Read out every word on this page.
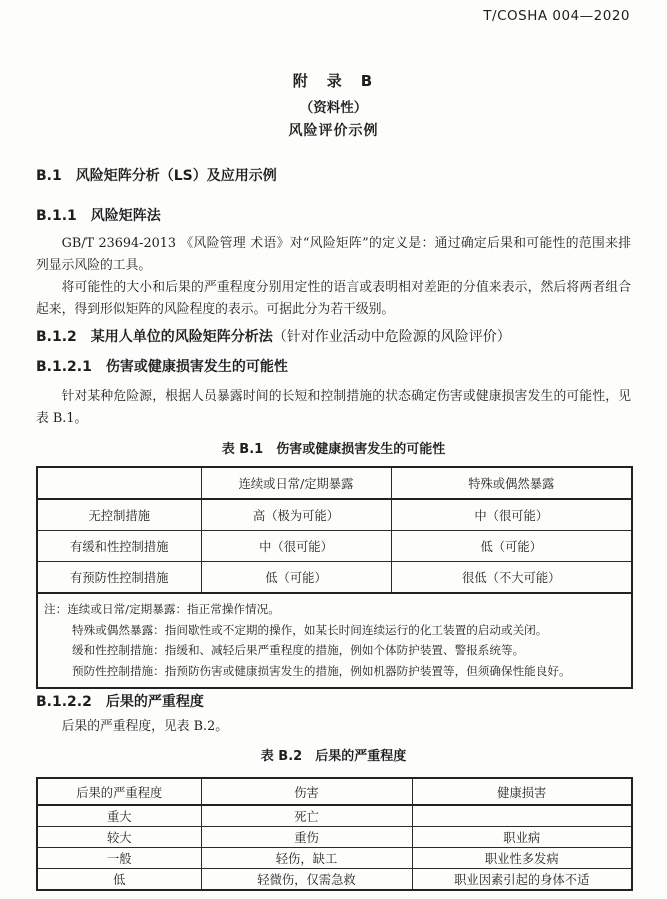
T/COSHA 004—2020
附　录　B
（资料性）
风险评价示例
B.1 风险矩阵分析（LS）及应用示例
B.1.1 风险矩阵法
GB/T 23694-2013 《风险管理 术语》对“风险矩阵”的定义是：通过确定后果和可能性的范围来排列显示风险的工具。
将可能性的大小和后果的严重程度分别用定性的语言或表明相对差距的分值来表示，然后将两者组合起来，得到形似矩阵的风险程度的表示。可据此分为若干级别。
B.1.2 某用人单位的风险矩阵分析法（针对作业活动中危险源的风险评价）
B.1.2.1 伤害或健康损害发生的可能性
针对某种危险源，根据人员暴露时间的长短和控制措施的状态确定伤害或健康损害发生的可能性，见表 B.1。
表 B.1　伤害或健康损害发生的可能性
	连续或日常/定期暴露	特殊或偶然暴露
无控制措施	高（极为可能）	中（很可能）
有缓和性控制措施	中（很可能）	低（可能）
有预防性控制措施	低（可能）	很低（不大可能）

注：连续或日常/定期暴露：指正常操作情况。
特殊或偶然暴露：指间歇性或不定期的操作，如某长时间连续运行的化工装置的启动或关闭。
缓和性控制措施：指缓和、减轻后果严重程度的措施，例如个体防护装置、警报系统等。
预防性控制措施：指预防伤害或健康损害发生的措施，例如机器防护装置等，但须确保性能良好。		
B.1.2.2 后果的严重程度
后果的严重程度，见表 B.2。
表 B.2　后果的严重程度
后果的严重程度	伤害	健康损害
重大	死亡	
较大	重伤	职业病
一般	轻伤，缺工	职业性多发病
低	轻微伤，仅需急救	职业因素引起的身体不适
